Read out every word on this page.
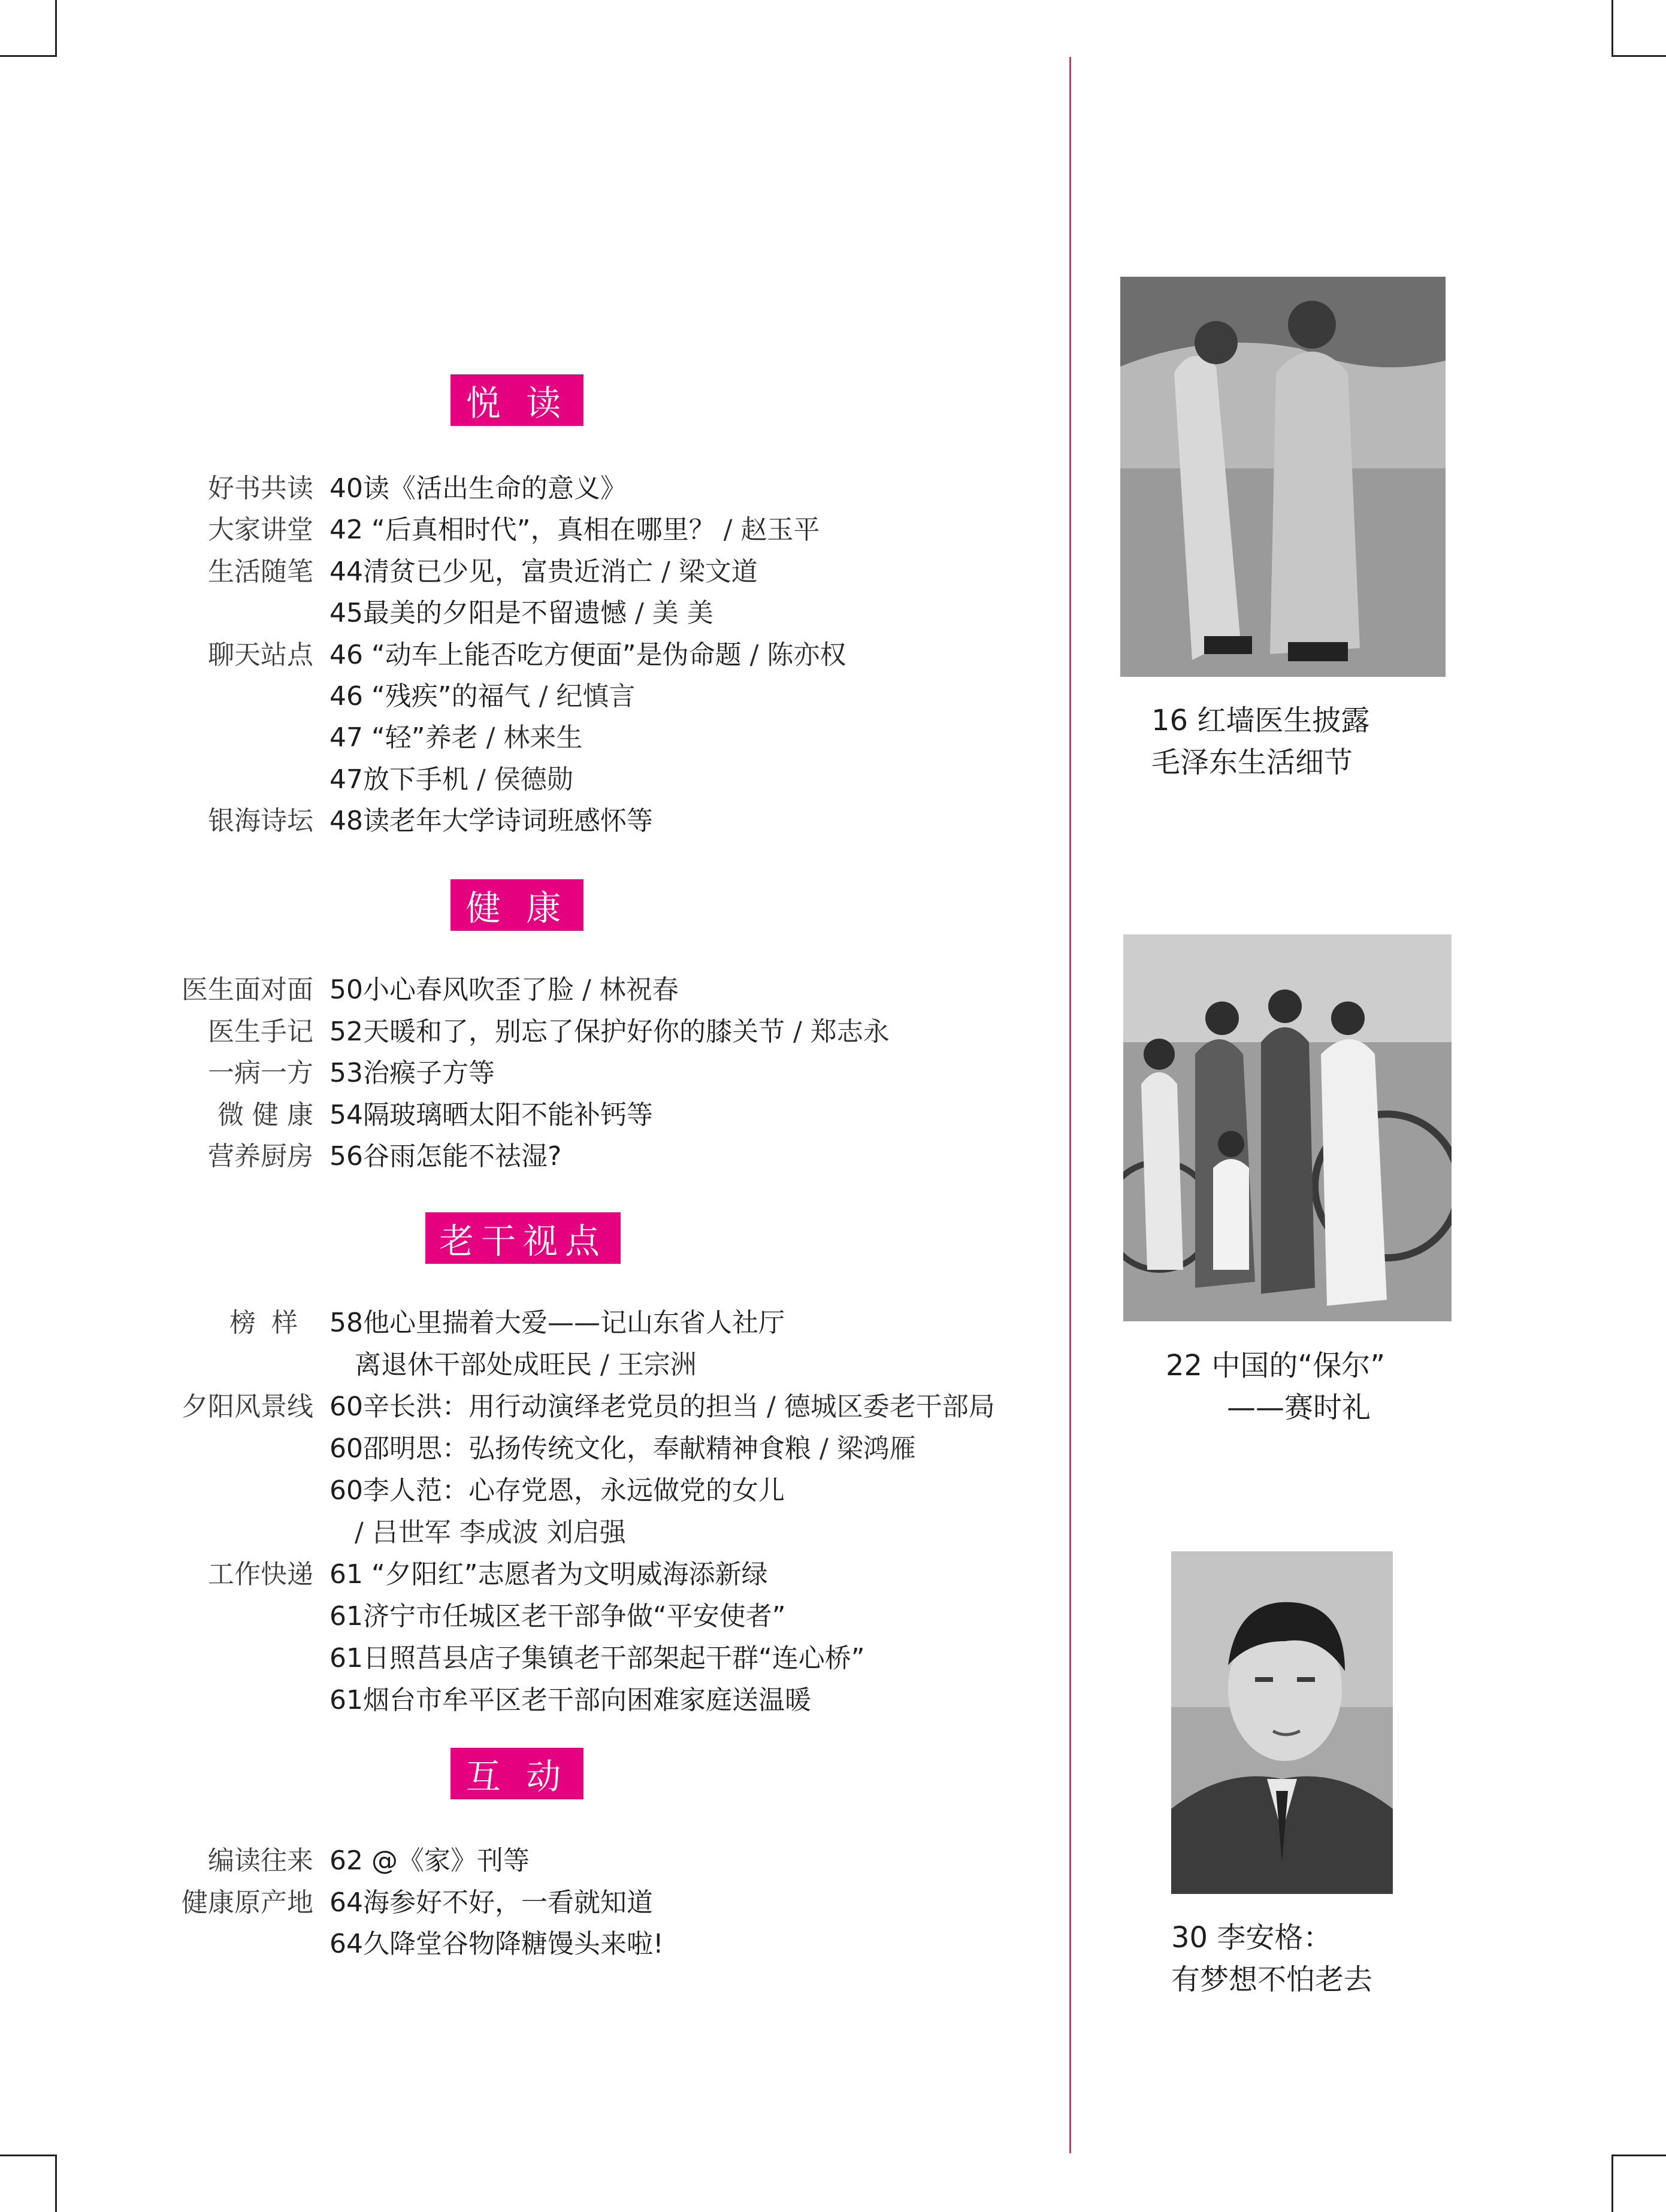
悦 读
健 康
老干视点
互 动
好书共读 40读《活出生命的意义》
大家讲堂 42 “后真相时代”，真相在哪里？ / 赵玉平
生活随笔 44清贫已少见，富贵近消亡 / 梁文道
45最美的夕阳是不留遗憾 / 美 美
聊天站点 46 “动车上能否吃方便面”是伪命题 / 陈亦权
46 “残疾”的福气 / 纪慎言
47 “轻”养老 / 林来生
47放下手机 / 侯德勋
银海诗坛 48读老年大学诗词班感怀等
医生面对面 50小心春风吹歪了脸 / 林祝春
医生手记 52天暖和了，别忘了保护好你的膝关节 / 郑志永
一病一方 53治瘊子方等
微 健 康 54隔玻璃晒太阳不能补钙等
营养厨房 56谷雨怎能不祛湿?
榜样 58他心里揣着大爱——记山东省人社厅
离退休干部处成旺民 / 王宗洲
夕阳风景线 60辛长洪：用行动演绎老党员的担当 / 德城区委老干部局
60邵明思：弘扬传统文化，奉献精神食粮 / 梁鸿雁
60李人范：心存党恩，永远做党的女儿
/ 吕世军 李成波 刘启强
工作快递 61 “夕阳红”志愿者为文明威海添新绿
61济宁市任城区老干部争做“平安使者”
61日照莒县店子集镇老干部架起干群“连心桥”
61烟台市牟平区老干部向困难家庭送温暖
编读往来 62 @《家》刊等
健康原产地 64海参好不好，一看就知道
64久降堂谷物降糖馒头来啦!
16 红墙医生披露
毛泽东生活细节
22 中国的“保尔”
——赛时礼
30 李安格：
有梦想不怕老去
